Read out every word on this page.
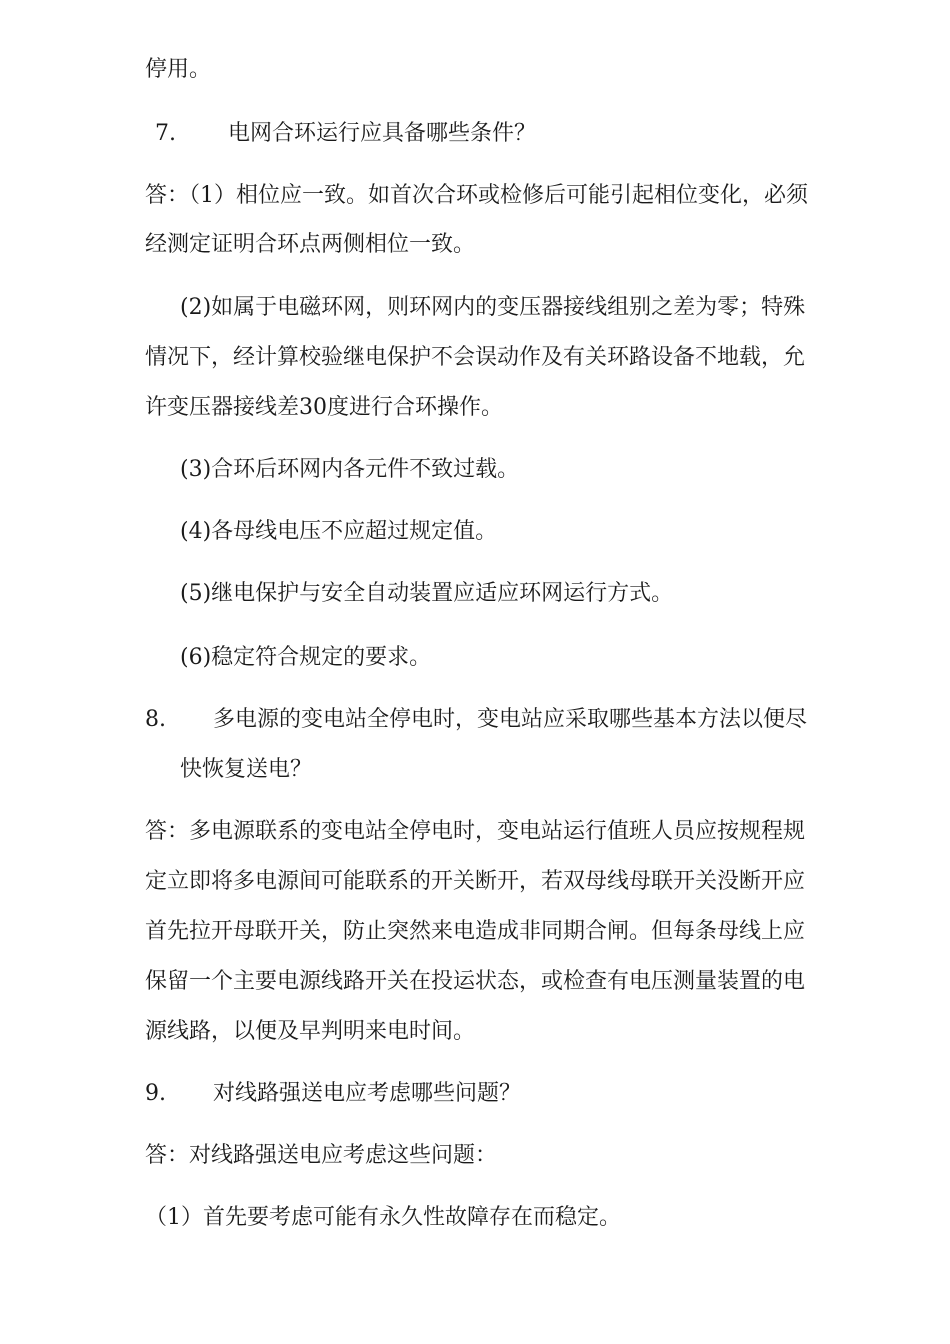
停用。
7. 电网合环运行应具备哪些条件？
答：（1）相位应一致。如首次合环或检修后可能引起相位变化，必须
经测定证明合环点两侧相位一致。
(2)如属于电磁环网，则环网内的变压器接线组别之差为零；特殊
情况下，经计算校验继电保护不会误动作及有关环路设备不地载，允
许变压器接线差30度进行合环操作。
(3)合环后环网内各元件不致过载。
(4)各母线电压不应超过规定值。
(5)继电保护与安全自动装置应适应环网运行方式。
(6)稳定符合规定的要求。
8. 多电源的变电站全停电时，变电站应采取哪些基本方法以便尽
快恢复送电？
答：多电源联系的变电站全停电时，变电站运行值班人员应按规程规
定立即将多电源间可能联系的开关断开，若双母线母联开关没断开应
首先拉开母联开关，防止突然来电造成非同期合闸。但每条母线上应
保留一个主要电源线路开关在投运状态，或检查有电压测量装置的电
源线路，以便及早判明来电时间。
9. 对线路强送电应考虑哪些问题？
答：对线路强送电应考虑这些问题：
（1）首先要考虑可能有永久性故障存在而稳定。
